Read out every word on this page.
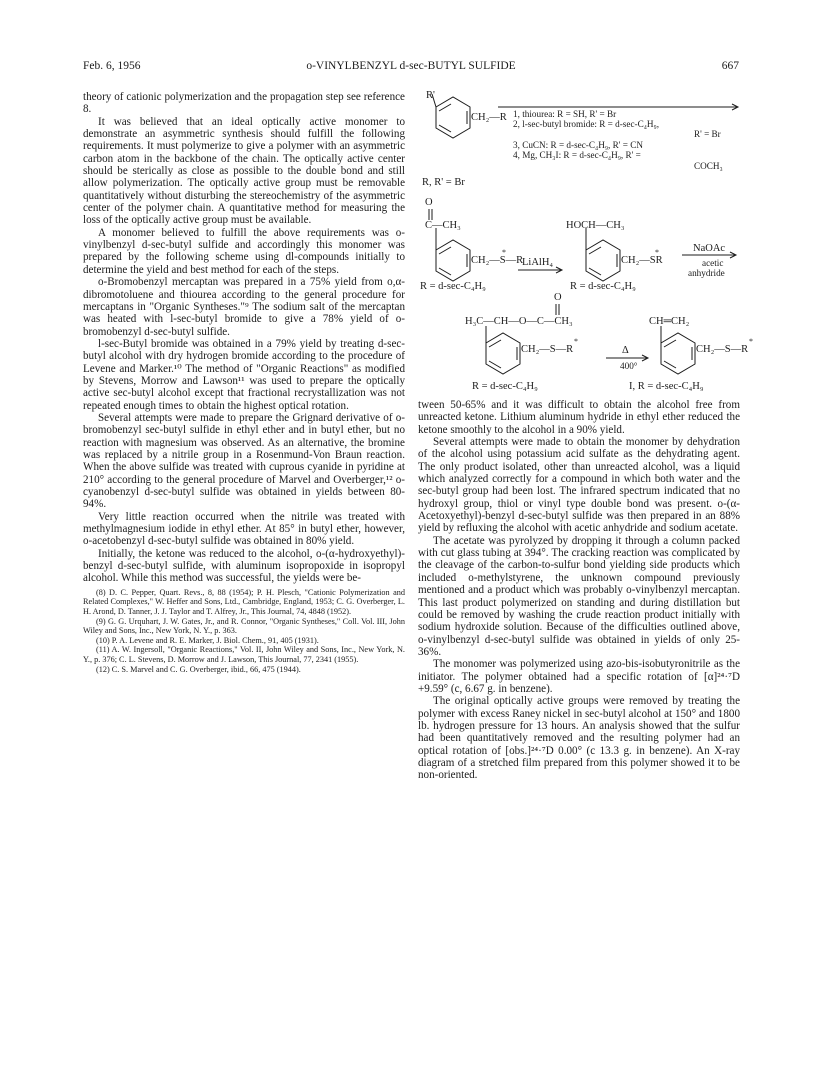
Feb. 6, 1956	o-VINYLBENZYL d-sec-BUTYL SULFIDE	667

theory of cationic polymerization and the propagation step see reference 8.

It was believed that an ideal optically active monomer to demonstrate an asymmetric synthesis should fulfill the following requirements. It must polymerize to give a polymer with an asymmetric carbon atom in the backbone of the chain. The optically active center should be sterically as close as possible to the double bond and still allow polymerization. The optically active group must be removable quantitatively without disturbing the stereochemistry of the asymmetric center of the polymer chain. A quantitative method for measuring the loss of the optically active group must be available.

A monomer believed to fulfill the above requirements was o-vinylbenzyl d-sec-butyl sulfide and accordingly this monomer was prepared by the following scheme using dl-compounds initially to determine the yield and best method for each of the steps.

o-Bromobenzyl mercaptan was prepared in a 75% yield from o,α-dibromotoluene and thiourea according to the general procedure for mercaptans in "Organic Syntheses."⁹ The sodium salt of the mercaptan was heated with l-sec-butyl bromide to give a 78% yield of o-bromobenzyl d-sec-butyl sulfide.

l-sec-Butyl bromide was obtained in a 79% yield by treating d-sec-butyl alcohol with dry hydrogen bromide according to the procedure of Levene and Marker.¹⁰ The method of "Organic Reactions" as modified by Stevens, Morrow and Lawson¹¹ was used to prepare the optically active sec-butyl alcohol except that fractional recrystallization was not repeated enough times to obtain the highest optical rotation.

Several attempts were made to prepare the Grignard derivative of o-bromobenzyl sec-butyl sulfide in ethyl ether and in butyl ether, but no reaction with magnesium was observed. As an alternative, the bromine was replaced by a nitrile group in a Rosenmund-Von Braun reaction. When the above sulfide was treated with cuprous cyanide in pyridine at 210° according to the general procedure of Marvel and Overberger,¹² o-cyanobenzyl d-sec-butyl sulfide was obtained in yields between 80-94%.

Very little reaction occurred when the nitrile was treated with methylmagnesium iodide in ethyl ether. At 85° in butyl ether, however, o-acetobenzyl d-sec-butyl sulfide was obtained in 80% yield.

Initially, the ketone was reduced to the alcohol, o-(α-hydroxyethyl)-benzyl d-sec-butyl sulfide, with aluminum isopropoxide in isopropyl alcohol. While this method was successful, the yields were be-

(8) D. C. Pepper, Quart. Revs., 8, 88 (1954); P. H. Plesch, "Cationic Polymerization and Related Complexes," W. Heffer and Sons, Ltd., Cambridge, England, 1953; C. G. Overberger, L. H. Arond, D. Tanner, J. J. Taylor and T. Alfrey, Jr., This Journal, 74, 4848 (1952).

(9) G. G. Urquhart, J. W. Gates, Jr., and R. Connor, "Organic Syntheses," Coll. Vol. III, John Wiley and Sons, Inc., New York, N. Y., p. 363.

(10) P. A. Levene and R. E. Marker, J. Biol. Chem., 91, 405 (1931).

(11) A. W. Ingersoll, "Organic Reactions," Vol. II, John Wiley and Sons, Inc., New York, N. Y., p. 376; C. L. Stevens, D. Morrow and J. Lawson, This Journal, 77, 2341 (1955).

(12) C. S. Marvel and C. G. Overberger, ibid., 66, 475 (1944).

R'
CH₂—R 1, thiourea: R = SH, R' = Br
2, l-sec-butyl bromide: R = d-sec-C₄H₉,
R' = Br
3, CuCN: R = d-sec-C₄H₉, R' = CN
4, Mg, CH₃I: R = d-sec-C₄H₉, R' =
COCH₃
R, R' = Br
O
C—CH₃
CH₂—S—R
*
LiAlH₄
HOCH—CH₃
CH₂—SR
*	NaOAc
acetic
anhydride
R = d-sec-C₄H₉	R = d-sec-C₄H₉
O
H₃C—CH—O—C—CH₃
CH₂—S—R
*
Δ
400°
CH═CH₂
CH₂—S—R
*
R = d-sec-C₄H₉	I, R = d-sec-C₄H₉

tween 50-65% and it was difficult to obtain the alcohol free from unreacted ketone. Lithium aluminum hydride in ethyl ether reduced the ketone smoothly to the alcohol in a 90% yield.

Several attempts were made to obtain the monomer by dehydration of the alcohol using potassium acid sulfate as the dehydrating agent. The only product isolated, other than unreacted alcohol, was a liquid which analyzed correctly for a compound in which both water and the sec-butyl group had been lost. The infrared spectrum indicated that no hydroxyl group, thiol or vinyl type double bond was present. o-(α-Acetoxyethyl)-benzyl d-sec-butyl sulfide was then prepared in an 88% yield by refluxing the alcohol with acetic anhydride and sodium acetate.

The acetate was pyrolyzed by dropping it through a column packed with cut glass tubing at 394°. The cracking reaction was complicated by the cleavage of the carbon-to-sulfur bond yielding side products which included o-methylstyrene, the unknown compound previously mentioned and a product which was probably o-vinylbenzyl mercaptan. This last product polymerized on standing and during distillation but could be removed by washing the crude reaction product initially with sodium hydroxide solution. Because of the difficulties outlined above, o-vinylbenzyl d-sec-butyl sulfide was obtained in yields of only 25-36%.

The monomer was polymerized using azo-bis-isobutyronitrile as the initiator. The polymer obtained had a specific rotation of [α]²⁴·⁷D +9.59° (c, 6.67 g. in benzene).

The original optically active groups were removed by treating the polymer with excess Raney nickel in sec-butyl alcohol at 150° and 1800 lb. hydrogen pressure for 13 hours. An analysis showed that the sulfur had been quantitatively removed and the resulting polymer had an optical rotation of [obs.]²⁴·⁷D 0.00° (c 13.3 g. in benzene). An X-ray diagram of a stretched film prepared from this polymer showed it to be non-oriented.
